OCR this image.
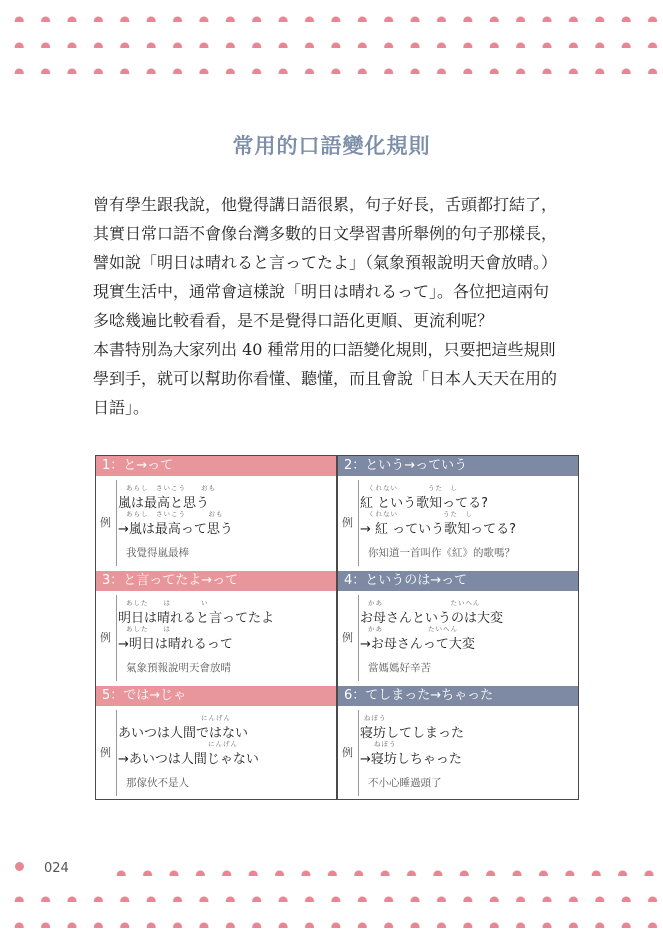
常用的口語變化規則
曾有學生跟我說，他覺得講日語很累，句子好長，舌頭都打結了，
其實日常口語不會像台灣多數的日文學習書所舉例的句子那樣長，
譬如說「明日は晴れると言ってたよ」（氣象預報說明天會放晴。）
現實生活中，通常會這樣說「明日は晴れるって」。各位把這兩句
多唸幾遍比較看看，是不是覺得口語化更順、更流利呢？
本書特別為大家列出 40 種常用的口語變化規則，只要把這些規則
學到手，就可以幫助你看懂、聽懂，而且會說「日本人天天在用的
日語」。
1：と→って
例
あらし　さいこう　　おも
嵐は最高と思う
あらし　さいこう　　　おも
→嵐は最高って思う
我覺得嵐最棒
2：という→っていう
例
くれない　　　　うた　し
紅 という歌知ってる?
くれない　　　　　　うた　し
→ 紅 っていう歌知ってる?
你知道一首叫作《紅》的歌嗎？
3：と言ってたよ→って
例
あした　　は　　　　い
明日は晴れると言ってたよ
あした　　は
→明日は晴れるって
氣象預報說明天會放晴
4：というのは→って
例
かあ　　　　　　　　　たいへん
お母さんというのは大変
かあ　　　　　　たいへん
→お母さんって大変
當媽媽好辛苦
5：では→じゃ
例
にんげん
あいつは人間ではない
にんげん
→あいつは人間じゃない
那傢伙不是人
6：てしまった→ちゃった
例
ねぼう
寝坊してしまった
ねぼう
→寝坊しちゃった
不小心睡過頭了
024
